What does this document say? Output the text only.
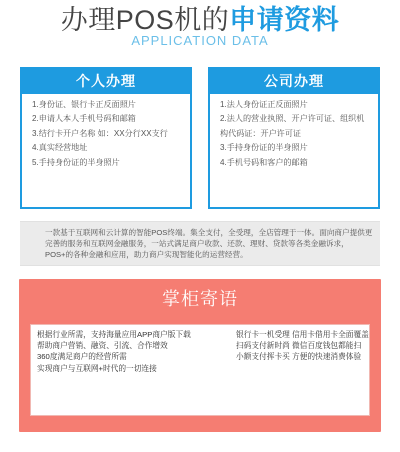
办理POS机的申请资料
APPLICATION DATA
个人办理
1.身份证、银行卡正反面照片
2.申请人本人手机号码和邮箱
3.结行卡开户名称 如：XX分行XX支行
4.真实经营地址
5.手持身份证的半身照片
公司办理
1.法人身份证正反面照片
2.法人的营业执照、开户许可证、组织机构代码证：开户许可证
3.手持身份证的半身照片
4.手机号码和客户的邮箱

一款基于互联网和云计算的智能POS终端。集全支付，全受理，全店管理于一体。面向商户提供更完善的服务和互联网金融服务，一站式满足商户收款、还款、理财、贷款等各类金融诉求，POS+的各种金融和应用，助力商户实现智能化的运营经营。

掌柜寄语
根据行业所需，支持海量应用APP商户版下载
帮助商户营销、融资、引流、合作增效
360度满足商户的经营所需
实现商户与互联网+时代的一切连接
银行卡一机受理 信用卡借用卡全面覆盖
扫码支付新时尚 微信百度钱包都能扫
小额支付挥卡买 方便的快速消费体验
